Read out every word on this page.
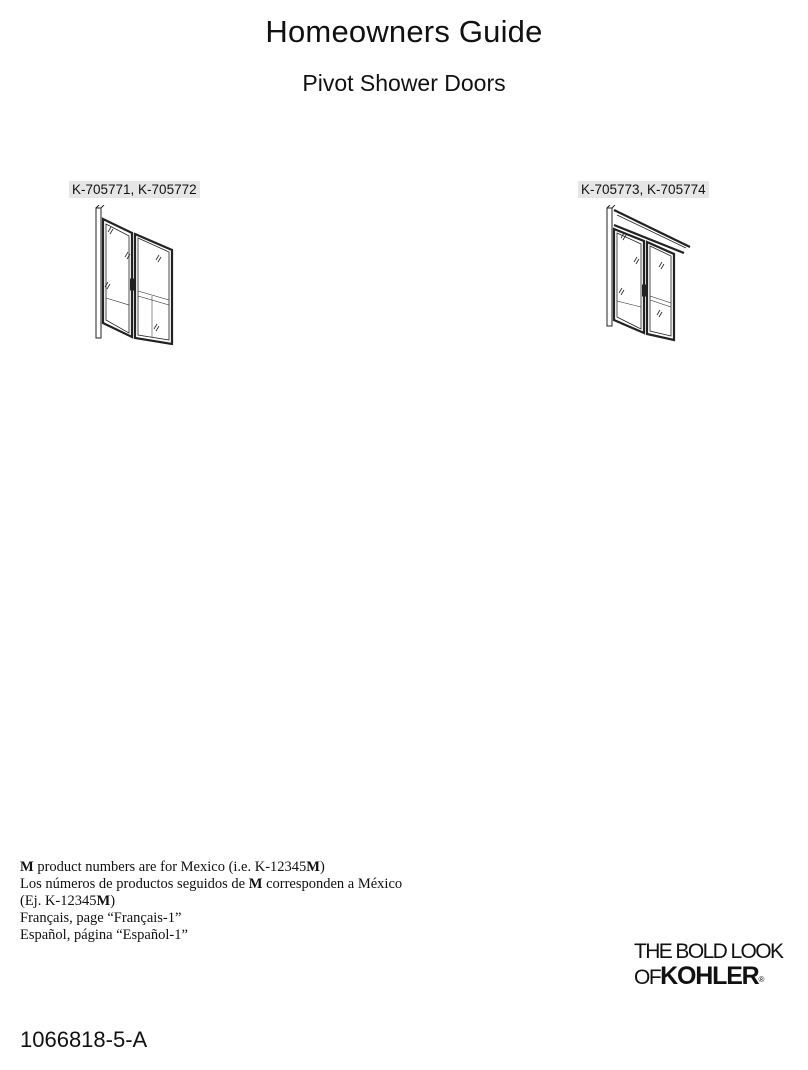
Homeowners Guide
Pivot Shower Doors
K-705771, K-705772	K-705773, K-705774
M product numbers are for Mexico (i.e. K-12345M)
Los números de productos seguidos de M corresponden a México
(Ej. K-12345M)
Français, page “Français-1”
Español, página “Español-1”
THE BOLD LOOK
OFKOHLER®
1066818-5-A
